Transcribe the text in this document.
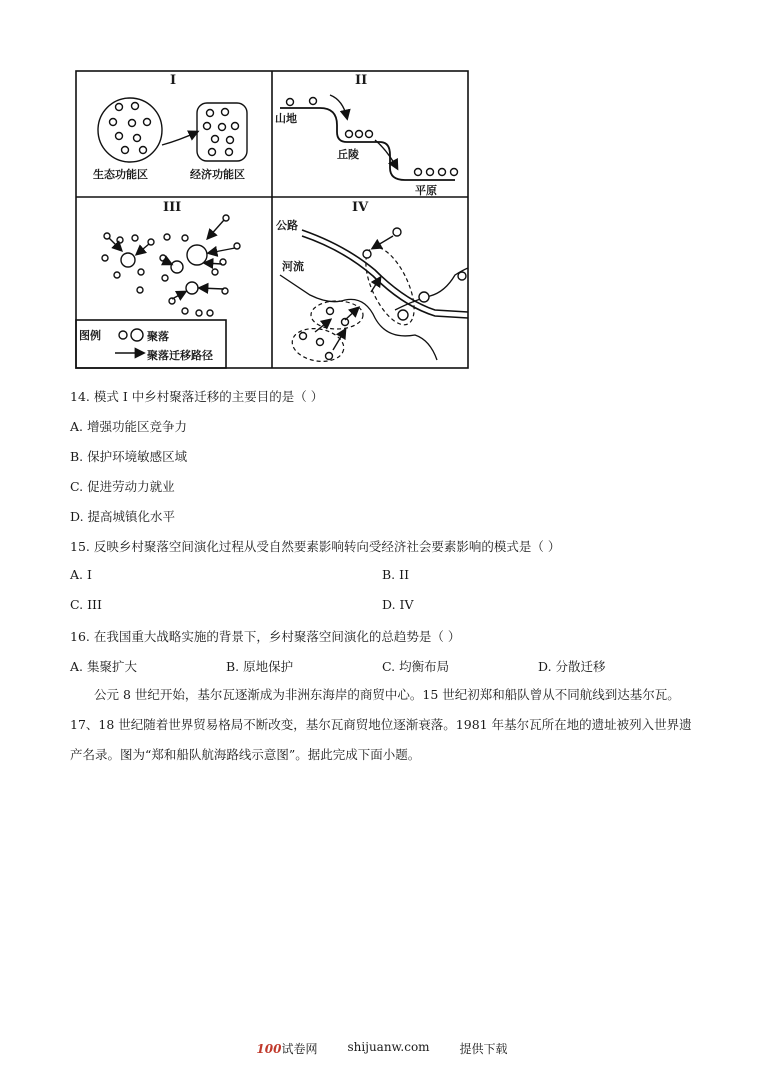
I	II
III	IV
生态功能区	经济功能区
山地
丘陵
平原
公路
河流
图例	聚落
聚落迁移路径
14. 模式 I 中乡村聚落迁移的主要目的是（ ）
A. 增强功能区竞争力
B. 保护环境敏感区域
C. 促进劳动力就业
D. 提高城镇化水平
15. 反映乡村聚落空间演化过程从受自然要素影响转向受经济社会要素影响的模式是（ ）
A. I	B. II
C. III	D. IV
16. 在我国重大战略实施的背景下，乡村聚落空间演化的总趋势是（ ）
A. 集聚扩大	B. 原地保护	C. 均衡布局	D. 分散迁移
公元 8 世纪开始，基尔瓦逐渐成为非洲东海岸的商贸中心。15 世纪初郑和船队曾从不同航线到达基尔瓦。17、18 世纪随着世界贸易格局不断改变，基尔瓦商贸地位逐渐衰落。1981 年基尔瓦所在地的遗址被列入世界遗产名录。图为“郑和船队航海路线示意图”。据此完成下面小题。
100试卷网	shijuanw.com	提供下载
